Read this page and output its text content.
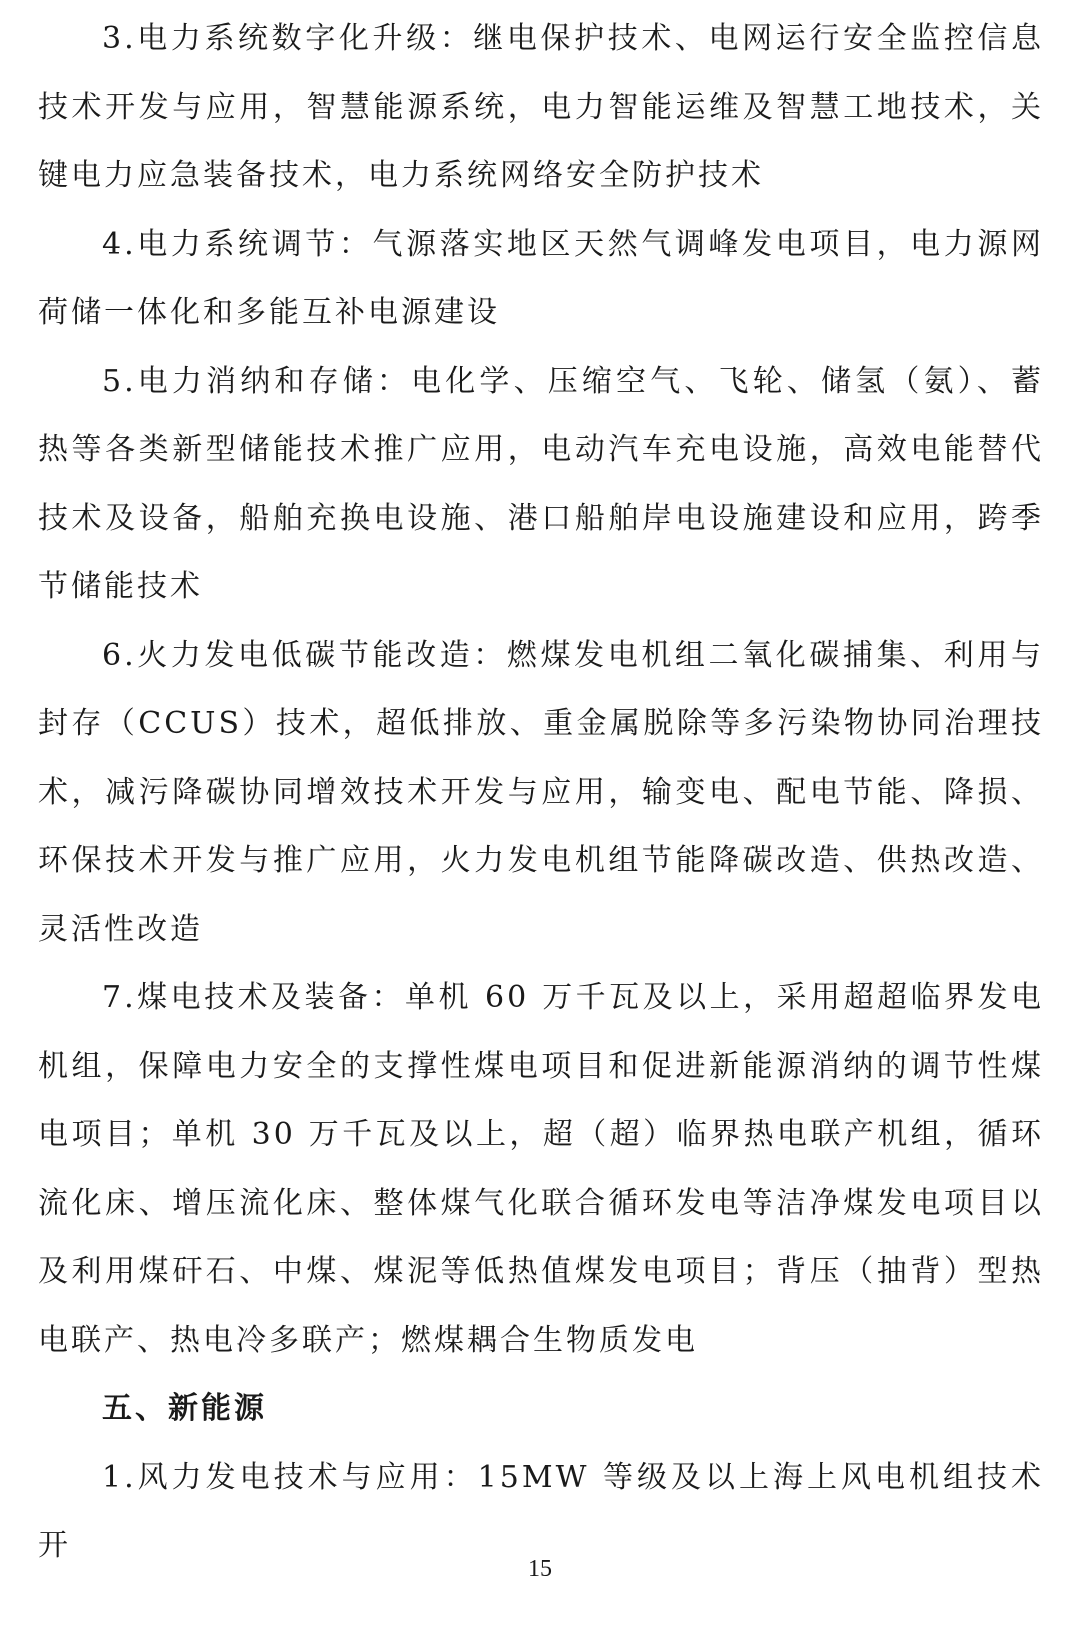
3.电力系统数字化升级：继电保护技术、电网运行安全监控信息技术开发与应用，智慧能源系统，电力智能运维及智慧工地技术，关键电力应急装备技术，电力系统网络安全防护技术

4.电力系统调节：气源落实地区天然气调峰发电项目，电力源网荷储一体化和多能互补电源建设

5.电力消纳和存储：电化学、压缩空气、飞轮、储氢（氨）、蓄热等各类新型储能技术推广应用，电动汽车充电设施，高效电能替代技术及设备，船舶充换电设施、港口船舶岸电设施建设和应用，跨季节储能技术

6.火力发电低碳节能改造：燃煤发电机组二氧化碳捕集、利用与封存（CCUS）技术，超低排放、重金属脱除等多污染物协同治理技术，减污降碳协同增效技术开发与应用，输变电、配电节能、降损、环保技术开发与推广应用，火力发电机组节能降碳改造、供热改造、灵活性改造

7.煤电技术及装备：单机 60 万千瓦及以上，采用超超临界发电机组，保障电力安全的支撑性煤电项目和促进新能源消纳的调节性煤电项目；单机 30 万千瓦及以上，超（超）临界热电联产机组，循环流化床、增压流化床、整体煤气化联合循环发电等洁净煤发电项目以及利用煤矸石、中煤、煤泥等低热值煤发电项目；背压（抽背）型热电联产、热电冷多联产；燃煤耦合生物质发电

五、新能源

1.风力发电技术与应用：15MW 等级及以上海上风电机组技术开

15
